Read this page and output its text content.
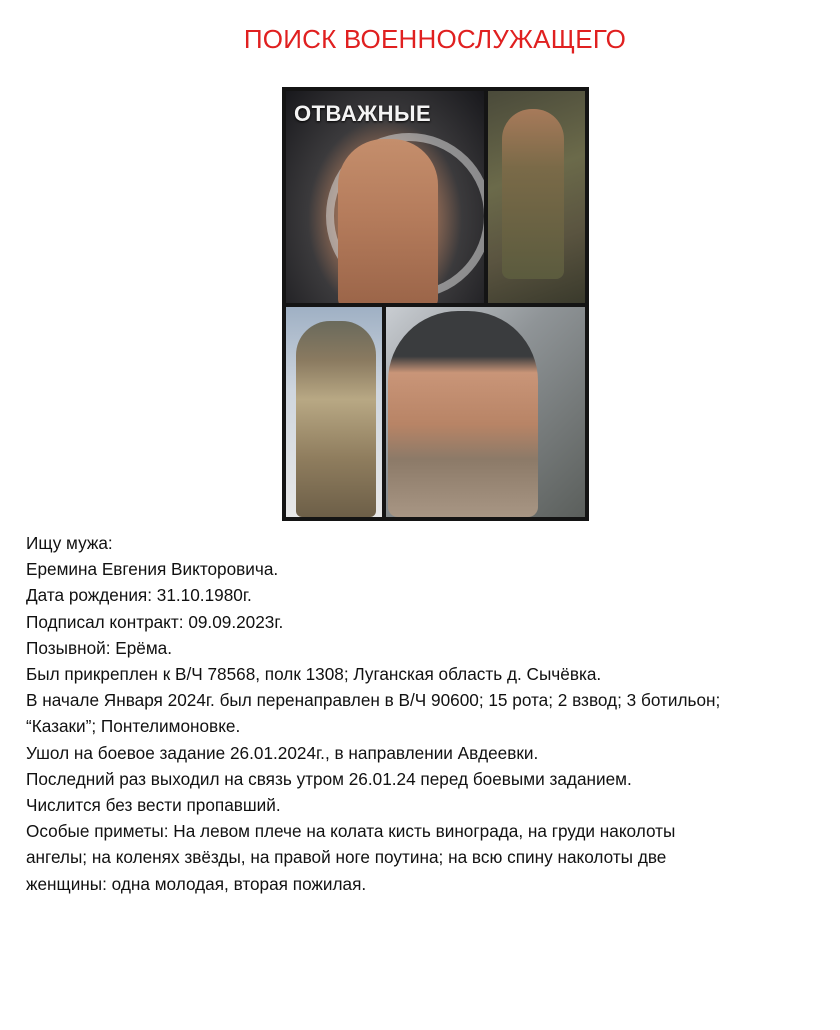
ПОИСК ВОЕННОСЛУЖАЩЕГО
ОТВАЖНЫЕ
Ищу мужа:
Еремина Евгения Викторовича.
Дата рождения: 31.10.1980г.
Подписал контракт: 09.09.2023г.
Позывной: Ерёма.
Был прикреплен к В/Ч 78568, полк 1308; Луганская область д. Сычёвка.
В начале Января 2024г. был перенаправлен в В/Ч 90600; 15 рота; 2 взвод; 3 ботильон;
“Казаки”; Понтелимоновке.
Ушол на боевое задание 26.01.2024г., в направлении Авдеевки.
Последний раз выходил на связь утром 26.01.24 перед боевыми заданием.
Числится без вести пропавший.
Особые приметы: На левом плече на колата кисть винограда, на груди наколоты
ангелы; на коленях звёзды, на правой ноге поутина; на всю спину наколоты две
женщины: одна молодая, вторая пожилая.
